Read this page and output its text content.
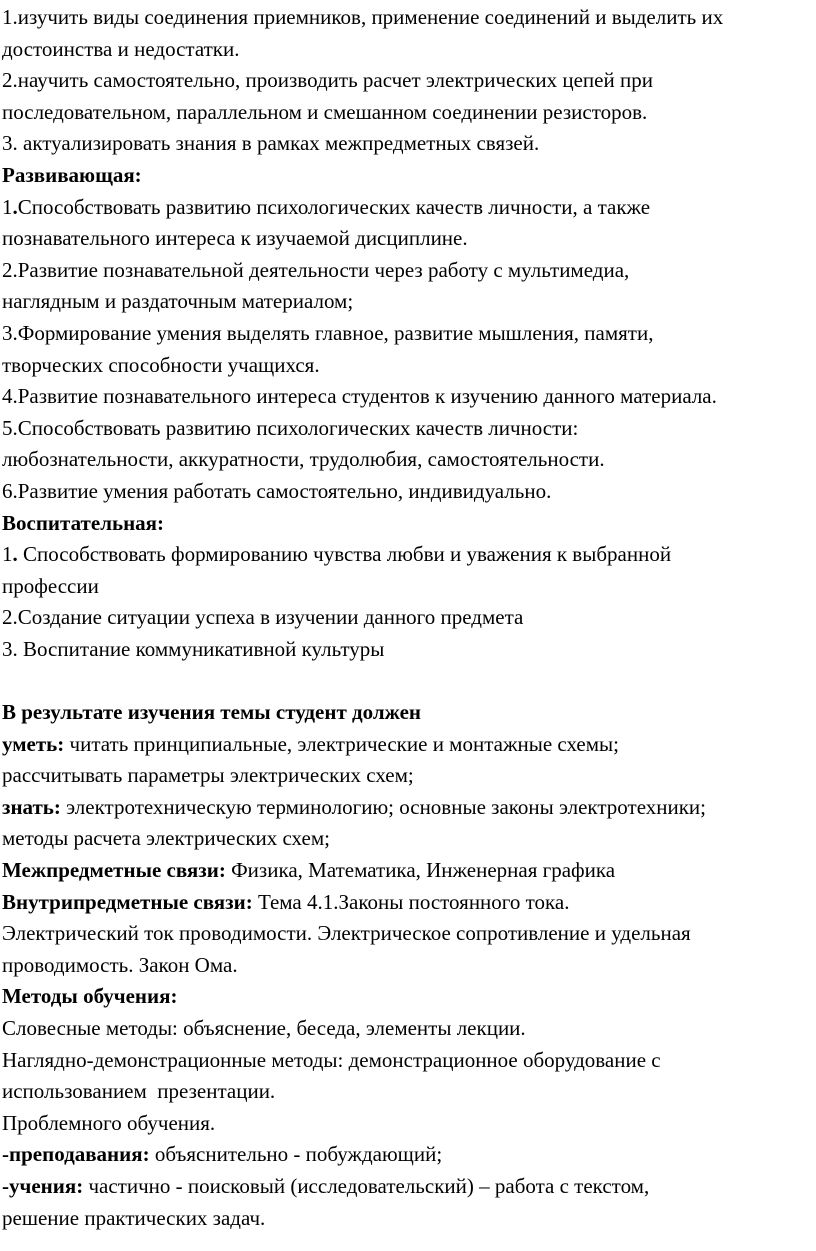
1.изучить виды соединения приемников, применение соединений и выделить их
достоинства и недостатки.
2.научить самостоятельно, производить расчет электрических цепей при
последовательном, параллельном и смешанном соединении резисторов.
3. актуализировать знания в рамках межпредметных связей.
Развивающая:
1.Способствовать развитию психологических качеств личности, а также
познавательного интереса к изучаемой дисциплине.
2.Развитие познавательной деятельности через работу с мультимедиа,
наглядным и раздаточным материалом;
3.Формирование умения выделять главное, развитие мышления, памяти,
творческих способности учащихся.
4.Развитие познавательного интереса студентов к изучению данного материала.
5.Способствовать развитию психологических качеств личности:
любознательности, аккуратности, трудолюбия, самостоятельности.
6.Развитие умения работать самостоятельно, индивидуально.
Воспитательная:
1. Способствовать формированию чувства любви и уважения к выбранной
профессии
2.Создание ситуации успеха в изучении данного предмета
3. Воспитание коммуникативной культуры
В результате изучения темы студент должен
уметь: читать принципиальные, электрические и монтажные схемы;
рассчитывать параметры электрических схем;
знать: электротехническую терминологию; основные законы электротехники;
методы расчета электрических схем;
Межпредметные связи: Физика, Математика, Инженерная графика
Внутрипредметные связи: Тема 4.1.Законы постоянного тока.
Электрический ток проводимости. Электрическое сопротивление и удельная
проводимость. Закон Ома.
Методы обучения:
Словесные методы: объяснение, беседа, элементы лекции.
Наглядно-демонстрационные методы: демонстрационное оборудование с
использованием  презентации.
Проблемного обучения.
-преподавания: объяснительно - побуждающий;
-учения: частично - поисковый (исследовательский) – работа с текстом,
решение практических задач.
